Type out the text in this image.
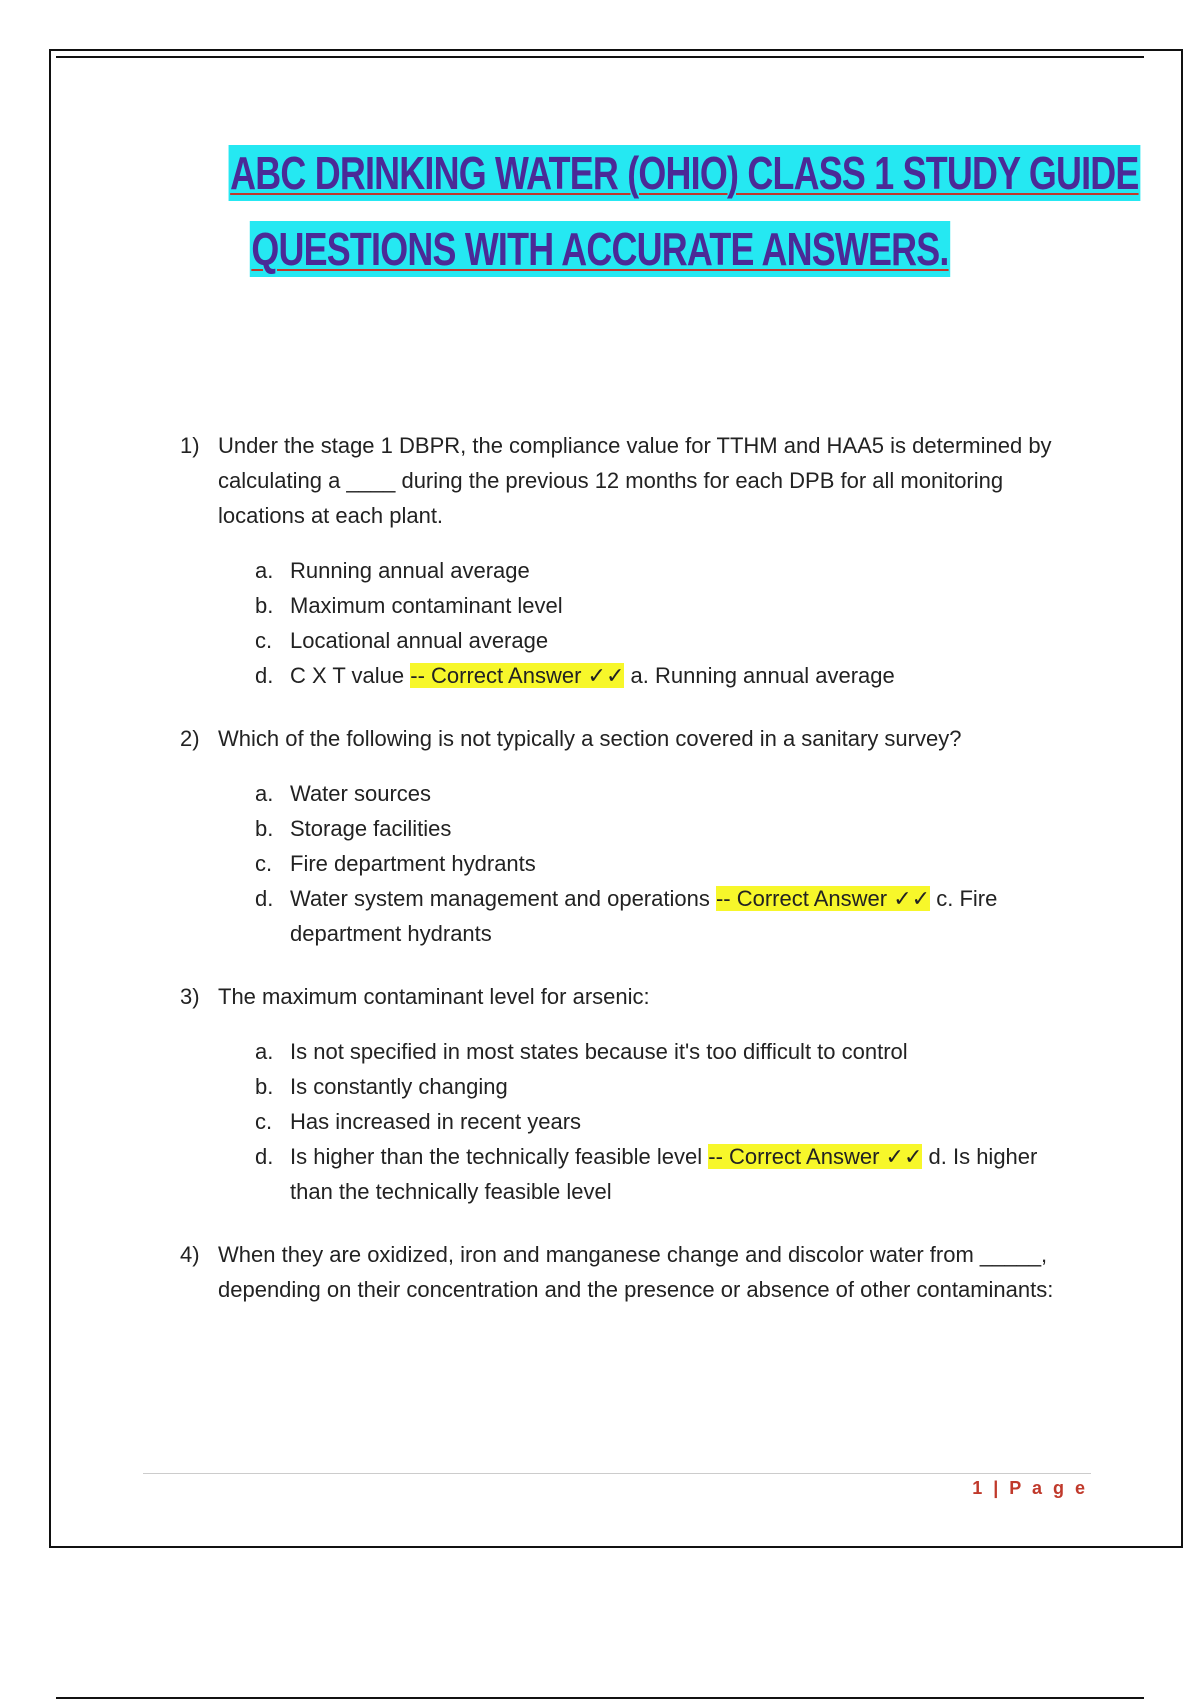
ABC DRINKING WATER (OHIO) CLASS 1 STUDY GUIDE
QUESTIONS WITH ACCURATE ANSWERS.
1) Under the stage 1 DBPR, the compliance value for TTHM and HAA5 is determined by calculating a ____ during the previous 12 months for each DPB for all monitoring locations at each plant.
a. Running annual average
b. Maximum contaminant level
c. Locational annual average
d. C X T value -- Correct Answer ✓✓ a. Running annual average
2) Which of the following is not typically a section covered in a sanitary survey?
a. Water sources
b. Storage facilities
c. Fire department hydrants
d. Water system management and operations -- Correct Answer ✓✓ c. Fire department hydrants
3) The maximum contaminant level for arsenic:
a. Is not specified in most states because it's too difficult to control
b. Is constantly changing
c. Has increased in recent years
d. Is higher than the technically feasible level -- Correct Answer ✓✓ d. Is higher than the technically feasible level
4) When they are oxidized, iron and manganese change and discolor water from _____, depending on their concentration and the presence or absence of other contaminants:
1 | P a g e
